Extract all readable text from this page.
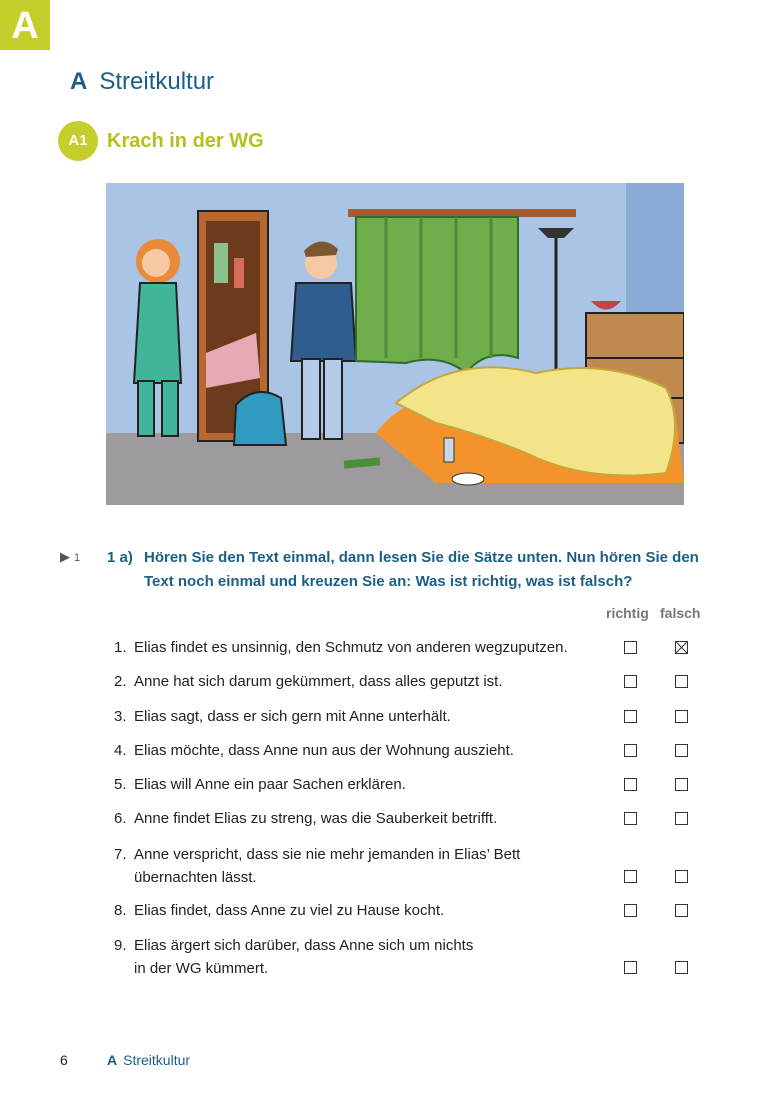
A
A Streitkultur
A1 Krach in der WG
▶ 1 1 a) Hören Sie den Text einmal, dann lesen Sie die Sätze unten. Nun hören Sie den Text noch einmal und kreuzen Sie an: Was ist richtig, was ist falsch?
richtig falsch
1. Elias findet es unsinnig, den Schmutz von anderen wegzuputzen.
2. Anne hat sich darum gekümmert, dass alles geputzt ist.
3. Elias sagt, dass er sich gern mit Anne unterhält.
4. Elias möchte, dass Anne nun aus der Wohnung auszieht.
5. Elias will Anne ein paar Sachen erklären.
6. Anne findet Elias zu streng, was die Sauberkeit betrifft.
7. Anne verspricht, dass sie nie mehr jemanden in Elias’ Bett
übernachten lässt.
8. Elias findet, dass Anne zu viel zu Hause kocht.
9. Elias ärgert sich darüber, dass Anne sich um nichts
in der WG kümmert.
6	A Streitkultur
